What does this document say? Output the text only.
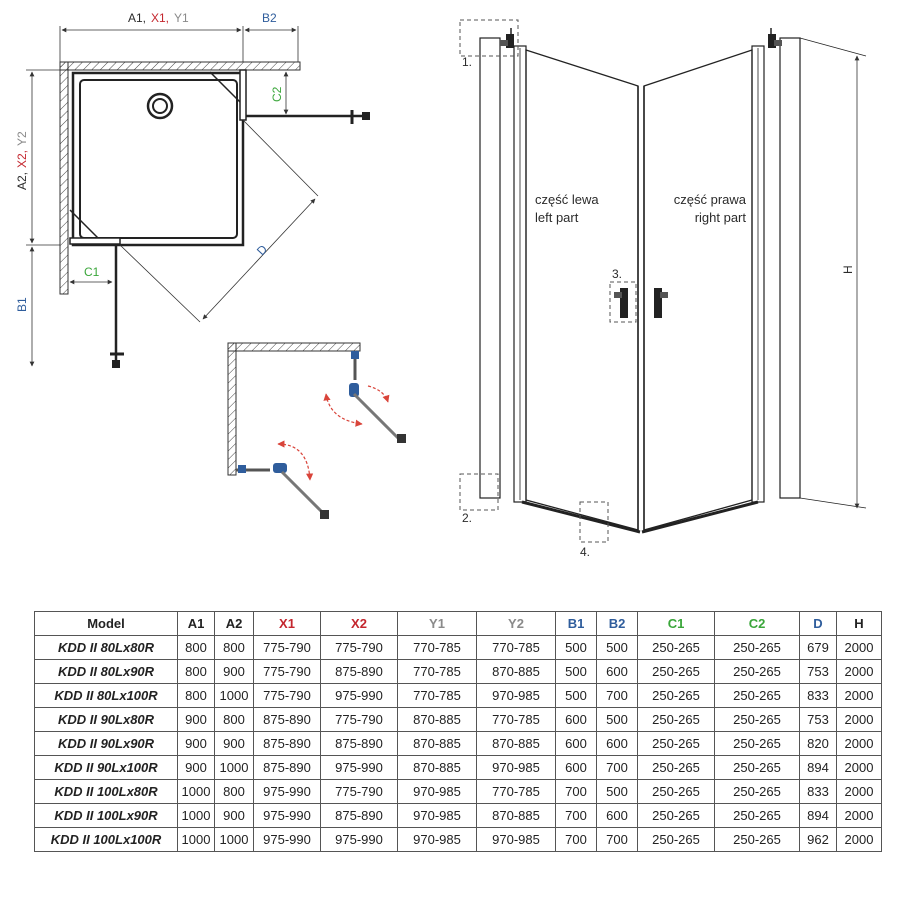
A1, X1, Y1	B2
A2,
X2,
Y2
B1
C1
C2
D
1.
2.
3.
4.
część lewa
left part
część prawa
right part
H
Model	A1	A2	X1	X2	Y1	Y2	B1	B2	C1	C2	D	H
KDD II 80Lx80R	800	800	775-790	775-790	770-785	770-785	500	500	250-265	250-265	679	2000
KDD II 80Lx90R	800	900	775-790	875-890	770-785	870-885	500	600	250-265	250-265	753	2000
KDD II 80Lx100R	800	1000	775-790	975-990	770-785	970-985	500	700	250-265	250-265	833	2000
KDD II 90Lx80R	900	800	875-890	775-790	870-885	770-785	600	500	250-265	250-265	753	2000
KDD II 90Lx90R	900	900	875-890	875-890	870-885	870-885	600	600	250-265	250-265	820	2000
KDD II 90Lx100R	900	1000	875-890	975-990	870-885	970-985	600	700	250-265	250-265	894	2000
KDD II 100Lx80R	1000	800	975-990	775-790	970-985	770-785	700	500	250-265	250-265	833	2000
KDD II 100Lx90R	1000	900	975-990	875-890	970-985	870-885	700	600	250-265	250-265	894	2000
KDD II 100Lx100R	1000	1000	975-990	975-990	970-985	970-985	700	700	250-265	250-265	962	2000
